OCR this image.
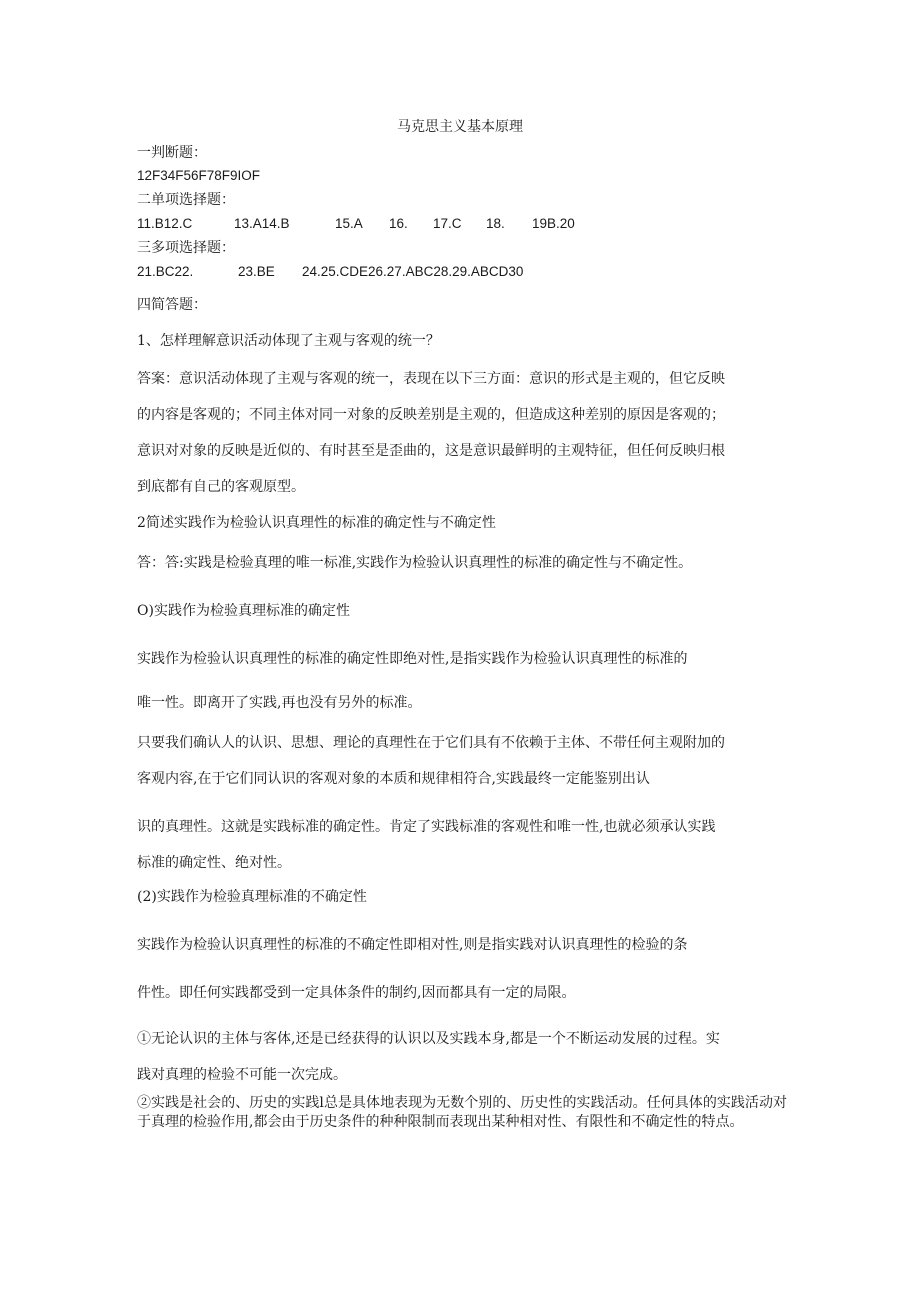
马克思主义基本原理
一判断题：
12F34F56F78F9IOF
二单项选择题：
11.B12.C	13.A14.B	15.A 16. 17.C 18. 19B.20
三多项选择题：
21.BC22.	23.BE 24.25.CDE26.27.ABC28.29.ABCD30
四简答题：
1、怎样理解意识活动体现了主观与客观的统一？
答案：意识活动体现了主观与客观的统一，表现在以下三方面：意识的形式是主观的，但它反映
的内容是客观的；不同主体对同一对象的反映差别是主观的，但造成这种差别的原因是客观的；
意识对对象的反映是近似的、有时甚至是歪曲的，这是意识最鲜明的主观特征，但任何反映归根
到底都有自己的客观原型。
2简述实践作为检验认识真理性的标准的确定性与不确定性
答：答:实践是检验真理的唯一标准,实践作为检验认识真理性的标准的确定性与不确定性。
O)实践作为检验真理标准的确定性
实践作为检验认识真理性的标准的确定性即绝对性,是指实践作为检验认识真理性的标准的
唯一性。即离开了实践,再也没有另外的标准。
只要我们确认人的认识、思想、理论的真理性在于它们具有不依赖于主体、不带任何主观附加的
客观内容,在于它们同认识的客观对象的本质和规律相符合,实践最终一定能鉴别出认
识的真理性。这就是实践标准的确定性。肯定了实践标准的客观性和唯一性,也就必须承认实践
标准的确定性、绝对性。
(2)实践作为检验真理标准的不确定性
实践作为检验认识真理性的标准的不确定性即相对性,则是指实践对认识真理性的检验的条
件性。即任何实践都受到一定具体条件的制约,因而都具有一定的局限。
①无论认识的主体与客体,还是已经获得的认识以及实践本身,都是一个不断运动发展的过程。实
践对真理的检验不可能一次完成。
②实践是社会的、历史的实践l总是具体地表现为无数个别的、历史性的实践活动。任何具体的实践活动对于真理的检验作用,都会由于历史条件的种种限制而表现出某种相对性、有限性和不确定性的特点。
